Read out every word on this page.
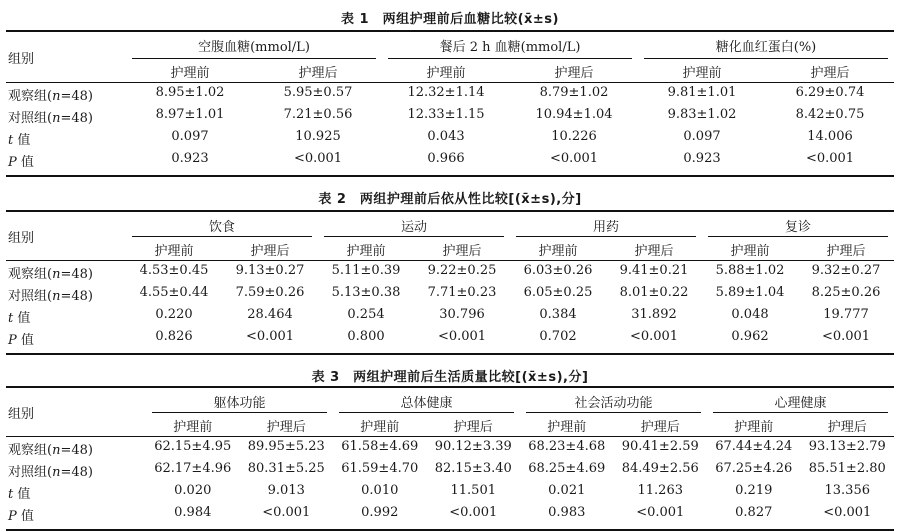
表 1　两组护理前后血糖比较(x̄±s)
组别
空腹血糖(mmol/L)
护理前	护理后
餐后 2 h 血糖(mmol/L)
护理前	护理后
糖化血红蛋白(%)
护理前	护理后
观察组(n=48)	8.95±1.02	5.95±0.57	12.32±1.14	8.79±1.02	9.81±1.01	6.29±0.74
对照组(n=48)	8.97±1.01	7.21±0.56	12.33±1.15	10.94±1.04	9.83±1.02	8.42±0.75
t 值	0.097	10.925	0.043	10.226	0.097	14.006
P 值	0.923	<0.001	0.966	<0.001	0.923	<0.001
表 2　两组护理前后依从性比较[(x̄±s),分]
组别
饮食
护理前	护理后
运动
护理前	护理后
用药
护理前	护理后
复诊
护理前	护理后
观察组(n=48)	4.53±0.45	9.13±0.27	5.11±0.39	9.22±0.25	6.03±0.26	9.41±0.21	5.88±1.02	9.32±0.27
对照组(n=48)	4.55±0.44	7.59±0.26	5.13±0.38	7.71±0.23	6.05±0.25	8.01±0.22	5.89±1.04	8.25±0.26
t 值	0.220	28.464	0.254	30.796	0.384	31.892	0.048	19.777
P 值	0.826	<0.001	0.800	<0.001	0.702	<0.001	0.962	<0.001
表 3　两组护理前后生活质量比较[(x̄±s),分]
组别
躯体功能
护理前	护理后
总体健康
护理前	护理后
社会活动功能
护理前	护理后
心理健康
护理前	护理后
观察组(n=48)	62.15±4.95	89.95±5.23	61.58±4.69	90.12±3.39	68.23±4.68	90.41±2.59	67.44±4.24	93.13±2.79
对照组(n=48)	62.17±4.96	80.31±5.25	61.59±4.70	82.15±3.40	68.25±4.69	84.49±2.56	67.25±4.26	85.51±2.80
t 值	0.020	9.013	0.010	11.501	0.021	11.263	0.219	13.356
P 值	0.984	<0.001	0.992	<0.001	0.983	<0.001	0.827	<0.001
